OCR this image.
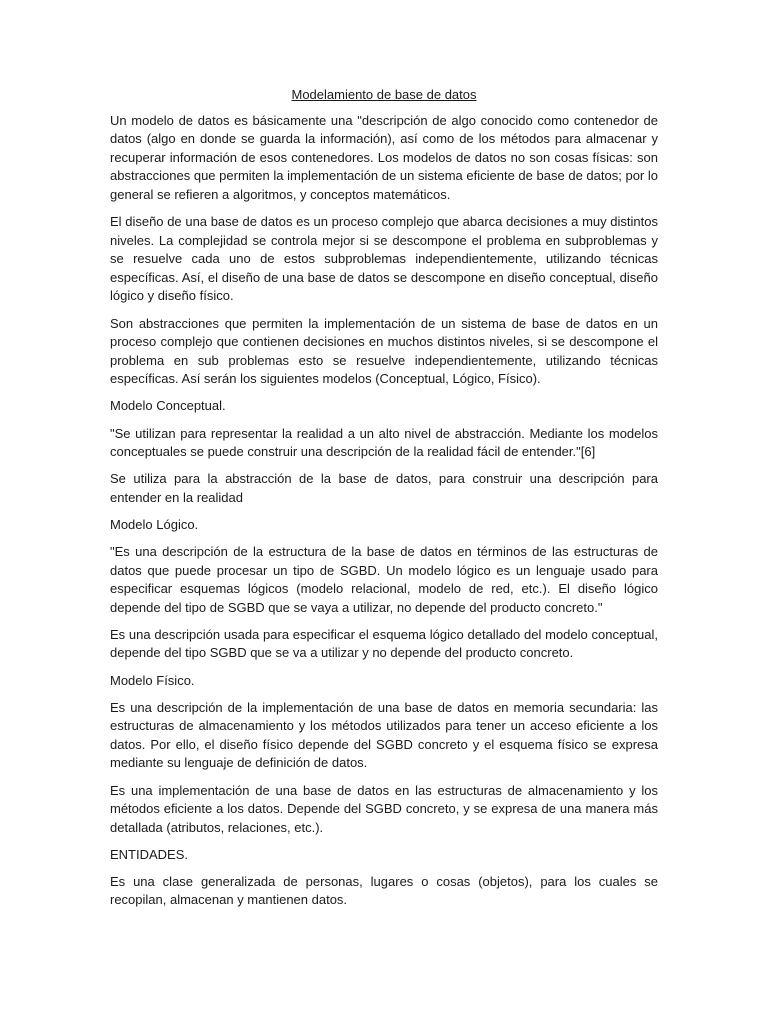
Modelamiento de base de datos

Un modelo de datos es básicamente una "descripción de algo conocido como contenedor de datos (algo en donde se guarda la información), así como de los métodos para almacenar y recuperar información de esos contenedores. Los modelos de datos no son cosas físicas: son abstracciones que permiten la implementación de un sistema eficiente de base de datos; por lo general se refieren a algoritmos, y conceptos matemáticos.

El diseño de una base de datos es un proceso complejo que abarca decisiones a muy distintos niveles. La complejidad se controla mejor si se descompone el problema en subproblemas y se resuelve cada uno de estos subproblemas independientemente, utilizando técnicas específicas. Así, el diseño de una base de datos se descompone en diseño conceptual, diseño lógico y diseño físico.

Son abstracciones que permiten la implementación de un sistema de base de datos en un proceso complejo que contienen decisiones en muchos distintos niveles, si se descompone el problema en sub problemas esto se resuelve independientemente, utilizando técnicas específicas. Así serán los siguientes modelos (Conceptual, Lógico, Físico).

Modelo Conceptual.

"Se utilizan para representar la realidad a un alto nivel de abstracción. Mediante los modelos conceptuales se puede construir una descripción de la realidad fácil de entender."[6]

Se utiliza para la abstracción de la base de datos, para construir una descripción para entender en la realidad

Modelo Lógico.

"Es una descripción de la estructura de la base de datos en términos de las estructuras de datos que puede procesar un tipo de SGBD. Un modelo lógico es un lenguaje usado para especificar esquemas lógicos (modelo relacional, modelo de red, etc.). El diseño lógico depende del tipo de SGBD que se vaya a utilizar, no depende del producto concreto."

Es una descripción usada para especificar el esquema lógico detallado del modelo conceptual, depende del tipo SGBD que se va a utilizar y no depende del producto concreto.

Modelo Físico.

Es una descripción de la implementación de una base de datos en memoria secundaria: las estructuras de almacenamiento y los métodos utilizados para tener un acceso eficiente a los datos. Por ello, el diseño físico depende del SGBD concreto y el esquema físico se expresa mediante su lenguaje de definición de datos.

Es una implementación de una base de datos en las estructuras de almacenamiento y los métodos eficiente a los datos. Depende del SGBD concreto, y se expresa de una manera más detallada (atributos, relaciones, etc.).

ENTIDADES.

Es una clase generalizada de personas, lugares o cosas (objetos), para los cuales se recopilan, almacenan y mantienen datos.
